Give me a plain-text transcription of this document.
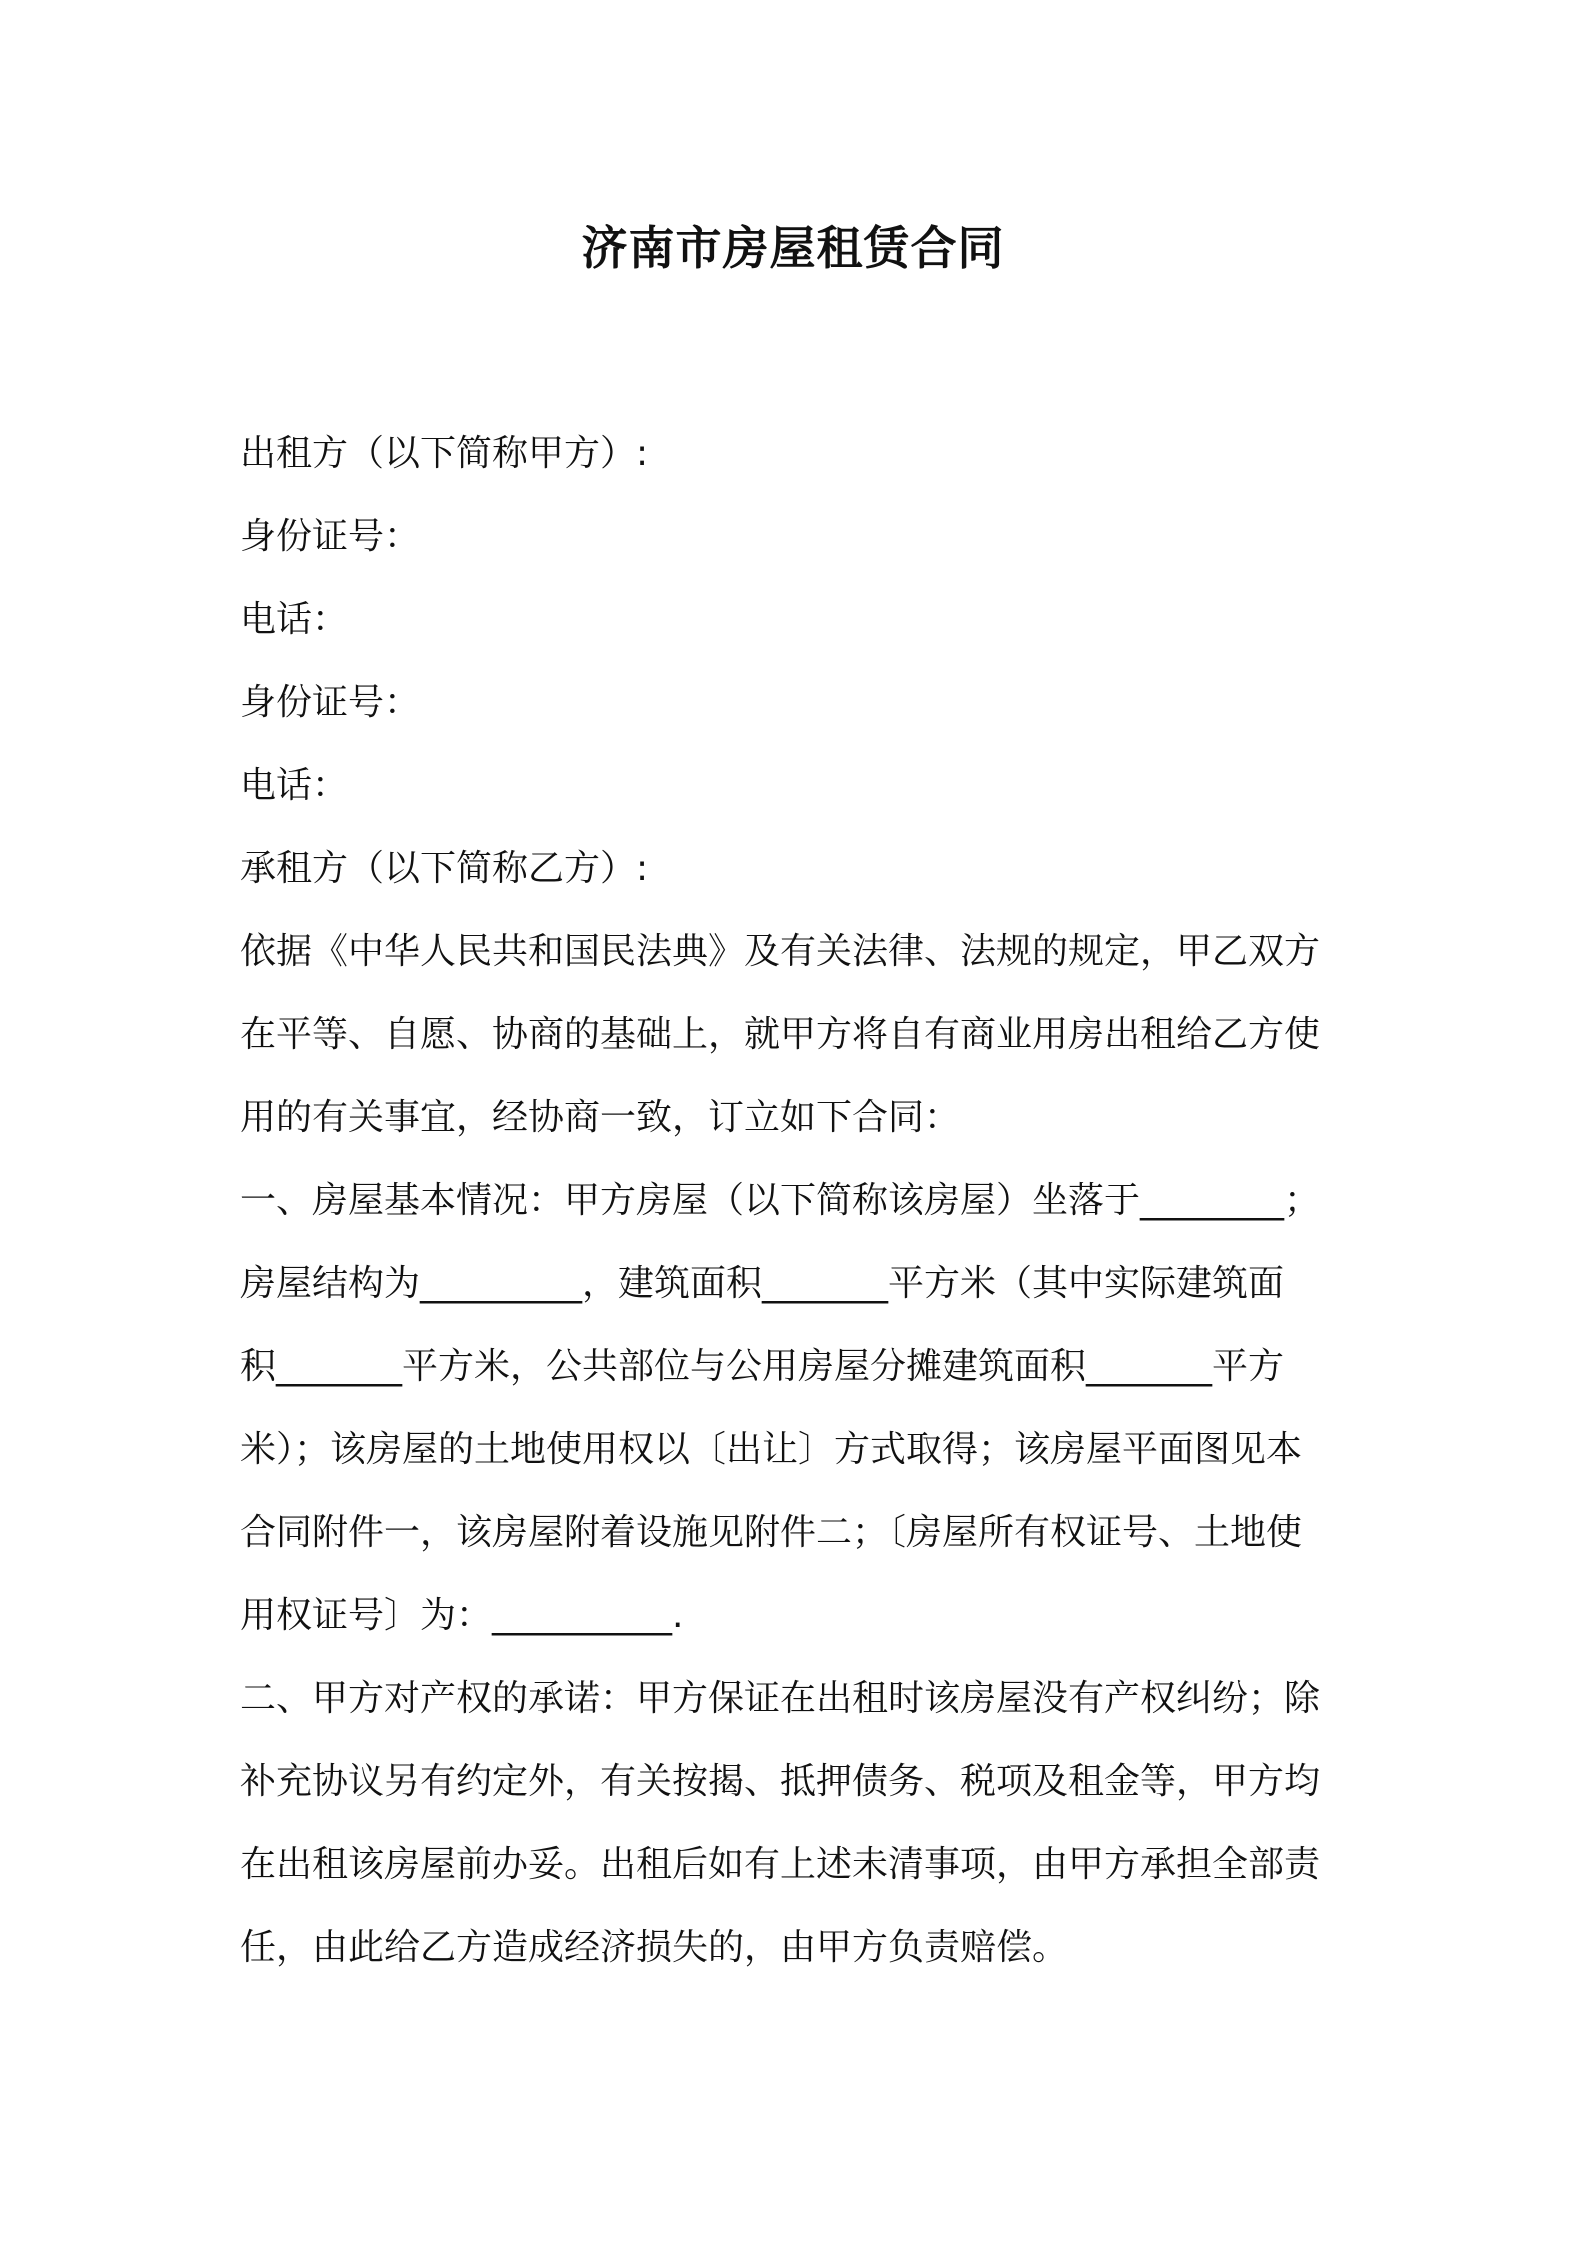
济南市房屋租赁合同
出租方（以下简称甲方）:
身份证号：
电话：
身份证号：
电话：
承租方（以下简称乙方）:
依据《中华人民共和国民法典》及有关法律、法规的规定，甲乙双方
在平等、自愿、协商的基础上，就甲方将自有商业用房出租给乙方使
用的有关事宜，经协商一致，订立如下合同：
一、房屋基本情况：甲方房屋（以下简称该房屋）坐落于________；
房屋结构为_________，建筑面积_______平方米（其中实际建筑面
积_______平方米，公共部位与公用房屋分摊建筑面积_______平方
米）；该房屋的土地使用权以〔出让〕方式取得；该房屋平面图见本
合同附件一，该房屋附着设施见附件二；〔房屋所有权证号、土地使
用权证号〕为：__________.
二、甲方对产权的承诺：甲方保证在出租时该房屋没有产权纠纷；除
补充协议另有约定外，有关按揭、抵押债务、税项及租金等，甲方均
在出租该房屋前办妥。出租后如有上述未清事项，由甲方承担全部责
任，由此给乙方造成经济损失的，由甲方负责赔偿。
